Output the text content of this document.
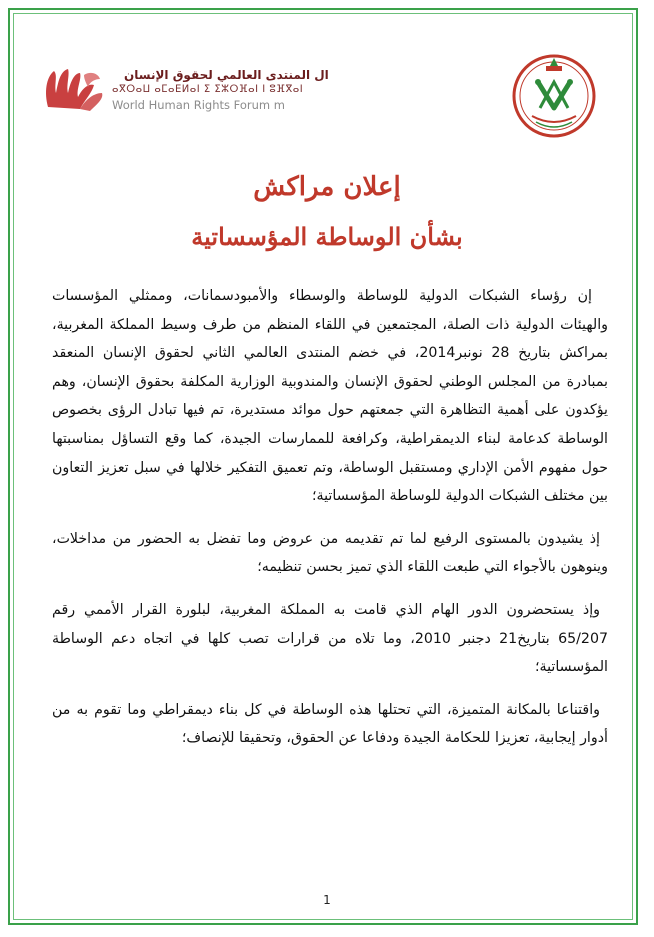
ال المنتدى العالمي لحقوق الإنسان
ⴰⴳⵔⴰⵡ ⴰⵎⴰⴹⵍⴰⵏ ⵉ ⵉⵣⵔⴼⴰⵏ ⵏ ⵓⴼⴳⴰⵏ
World Human Rights Forum m
إعلان مراكش
بشأن الوساطة المؤسساتية

إن رؤساء الشبكات الدولية للوساطة والوسطاء والأمبودسمانات، وممثلي المؤسسات والهيئات الدولية ذات الصلة، المجتمعين في اللقاء المنظم من طرف وسيط المملكة المغربية، بمراكش بتاريخ 28 نونبر2014، في خضم المنتدى العالمي الثاني لحقوق الإنسان المنعقد بمبادرة من المجلس الوطني لحقوق الإنسان والمندوبية الوزارية المكلفة بحقوق الإنسان، وهم يؤكدون على أهمية التظاهرة التي جمعتهم حول موائد مستديرة، تم فيها تبادل الرؤى بخصوص الوساطة كدعامة لبناء الديمقراطية، وكرافعة للممارسات الجيدة، كما وقع التساؤل بمناسبتها حول مفهوم الأمن الإداري ومستقبل الوساطة، وتم تعميق التفكير خلالها في سبل تعزيز التعاون بين مختلف الشبكات الدولية للوساطة المؤسساتية؛

إذ يشيدون بالمستوى الرفيع لما تم تقديمه من عروض وما تفضل به الحضور من مداخلات، وينوهون بالأجواء التي طبعت اللقاء الذي تميز بحسن تنظيمه؛

وإذ يستحضرون الدور الهام الذي قامت به المملكة المغربية، لبلورة القرار الأممي رقم 65/207 بتاريخ21 دجنبر 2010، وما تلاه من قرارات تصب كلها في اتجاه دعم الوساطة المؤسساتية؛

واقتناعا بالمكانة المتميزة، التي تحتلها هذه الوساطة في كل بناء ديمقراطي وما تقوم به من أدوار إيجابية، تعزيزا للحكامة الجيدة ودفاعا عن الحقوق، وتحقيقا للإنصاف؛

1
